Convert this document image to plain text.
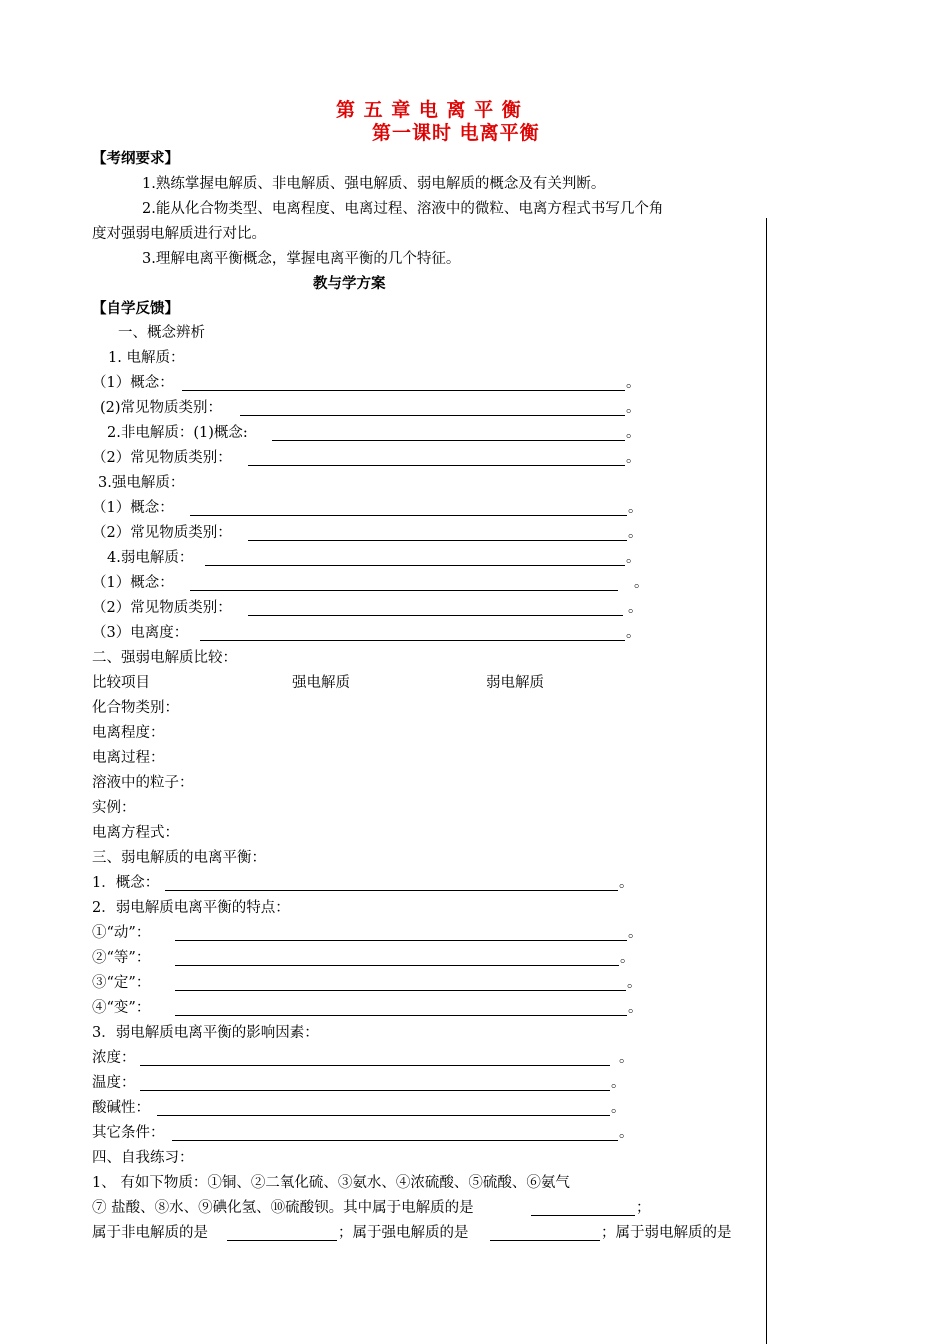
第 五 章 电 离 平 衡
第一课时 电离平衡
【考纲要求】
1.熟练掌握电解质、非电解质、强电解质、弱电解质的概念及有关判断。
2.能从化合物类型、电离程度、电离过程、溶液中的微粒、电离方程式书写几个角
度对强弱电解质进行对比。
3.理解电离平衡概念，掌握电离平衡的几个特征。
教与学方案
【自学反馈】
一、概念辨析
1. 电解质：
（1）概念：	。
(2)常见物质类别：	。
2.非电解质：(1)概念:	。
（2）常见物质类别：	。
3.强电解质：
（1）概念：	。
（2）常见物质类别：	。
4.弱电解质：	。
（1）概念：	。
（2）常见物质类别：	。
（3）电离度：	。
二、强弱电解质比较：
比较项目	强电解质	弱电解质
化合物类别：
电离程度：
电离过程：
溶液中的粒子：
实例：
电离方程式：
三、弱电解质的电离平衡：
1．概念：	。
2．弱电解质电离平衡的特点：
①“动”：	。
②“等”：	。
③“定”：	。
④“变”：	。
3．弱电解质电离平衡的影响因素：
浓度：	。
温度：	。
酸碱性：	。
其它条件：	。
四、自我练习：
1、 有如下物质：①铜、②二氧化硫、③氨水、④浓硫酸、⑤硫酸、⑥氨气
⑦ 盐酸、⑧水、⑨碘化氢、⑩硫酸钡。其中属于电解质的是	；
属于非电解质的是	；属于强电解质的是	；属于弱电解质的是
